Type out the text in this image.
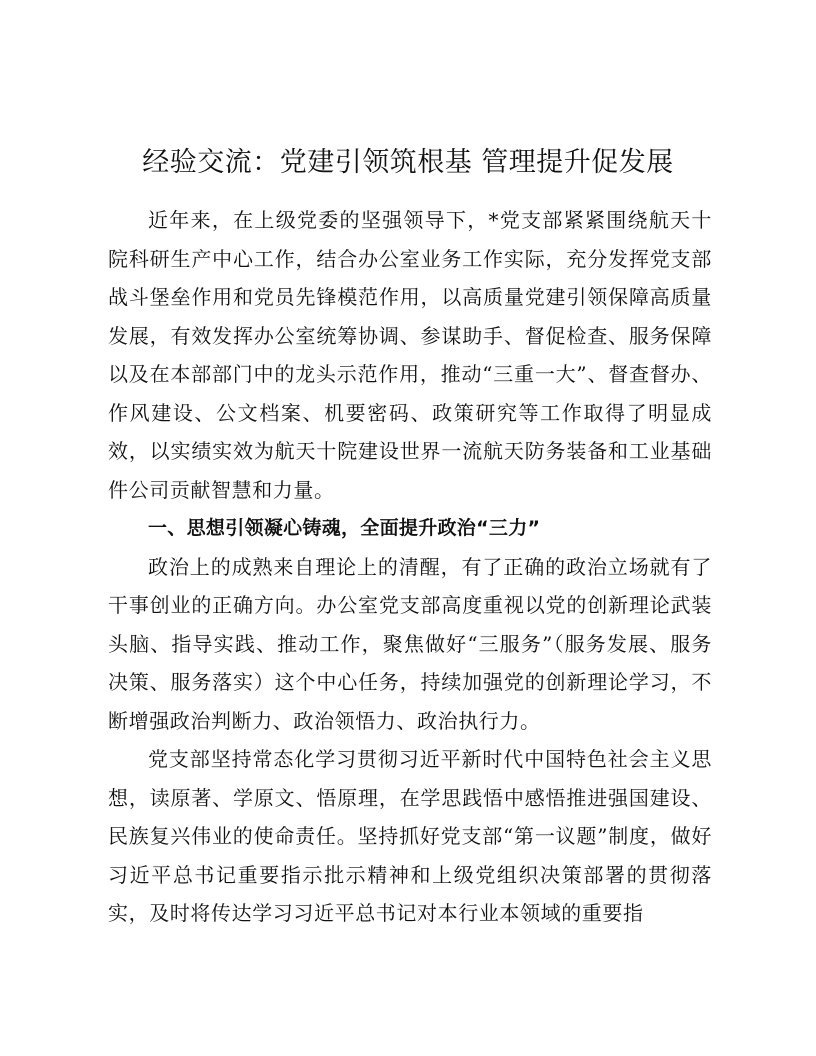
经验交流：党建引领筑根基 管理提升促发展

近年来，在上级党委的坚强领导下，*党支部紧紧围绕航天十院科研生产中心工作，结合办公室业务工作实际，充分发挥党支部战斗堡垒作用和党员先锋模范作用，以高质量党建引领保障高质量发展，有效发挥办公室统筹协调、参谋助手、督促检查、服务保障以及在本部部门中的龙头示范作用，推动“三重一大”、督查督办、作风建设、公文档案、机要密码、政策研究等工作取得了明显成效，以实绩实效为航天十院建设世界一流航天防务装备和工业基础件公司贡献智慧和力量。

一、思想引领凝心铸魂，全面提升政治“三力”

政治上的成熟来自理论上的清醒，有了正确的政治立场就有了干事创业的正确方向。办公室党支部高度重视以党的创新理论武装头脑、指导实践、推动工作，聚焦做好“三服务”（服务发展、服务决策、服务落实）这个中心任务，持续加强党的创新理论学习，不断增强政治判断力、政治领悟力、政治执行力。

党支部坚持常态化学习贯彻习近平新时代中国特色社会主义思想，读原著、学原文、悟原理，在学思践悟中感悟推进强国建设、民族复兴伟业的使命责任。坚持抓好党支部“第一议题”制度，做好习近平总书记重要指示批示精神和上级党组织决策部署的贯彻落实，及时将传达学习习近平总书记对本行业本领域的重要指
